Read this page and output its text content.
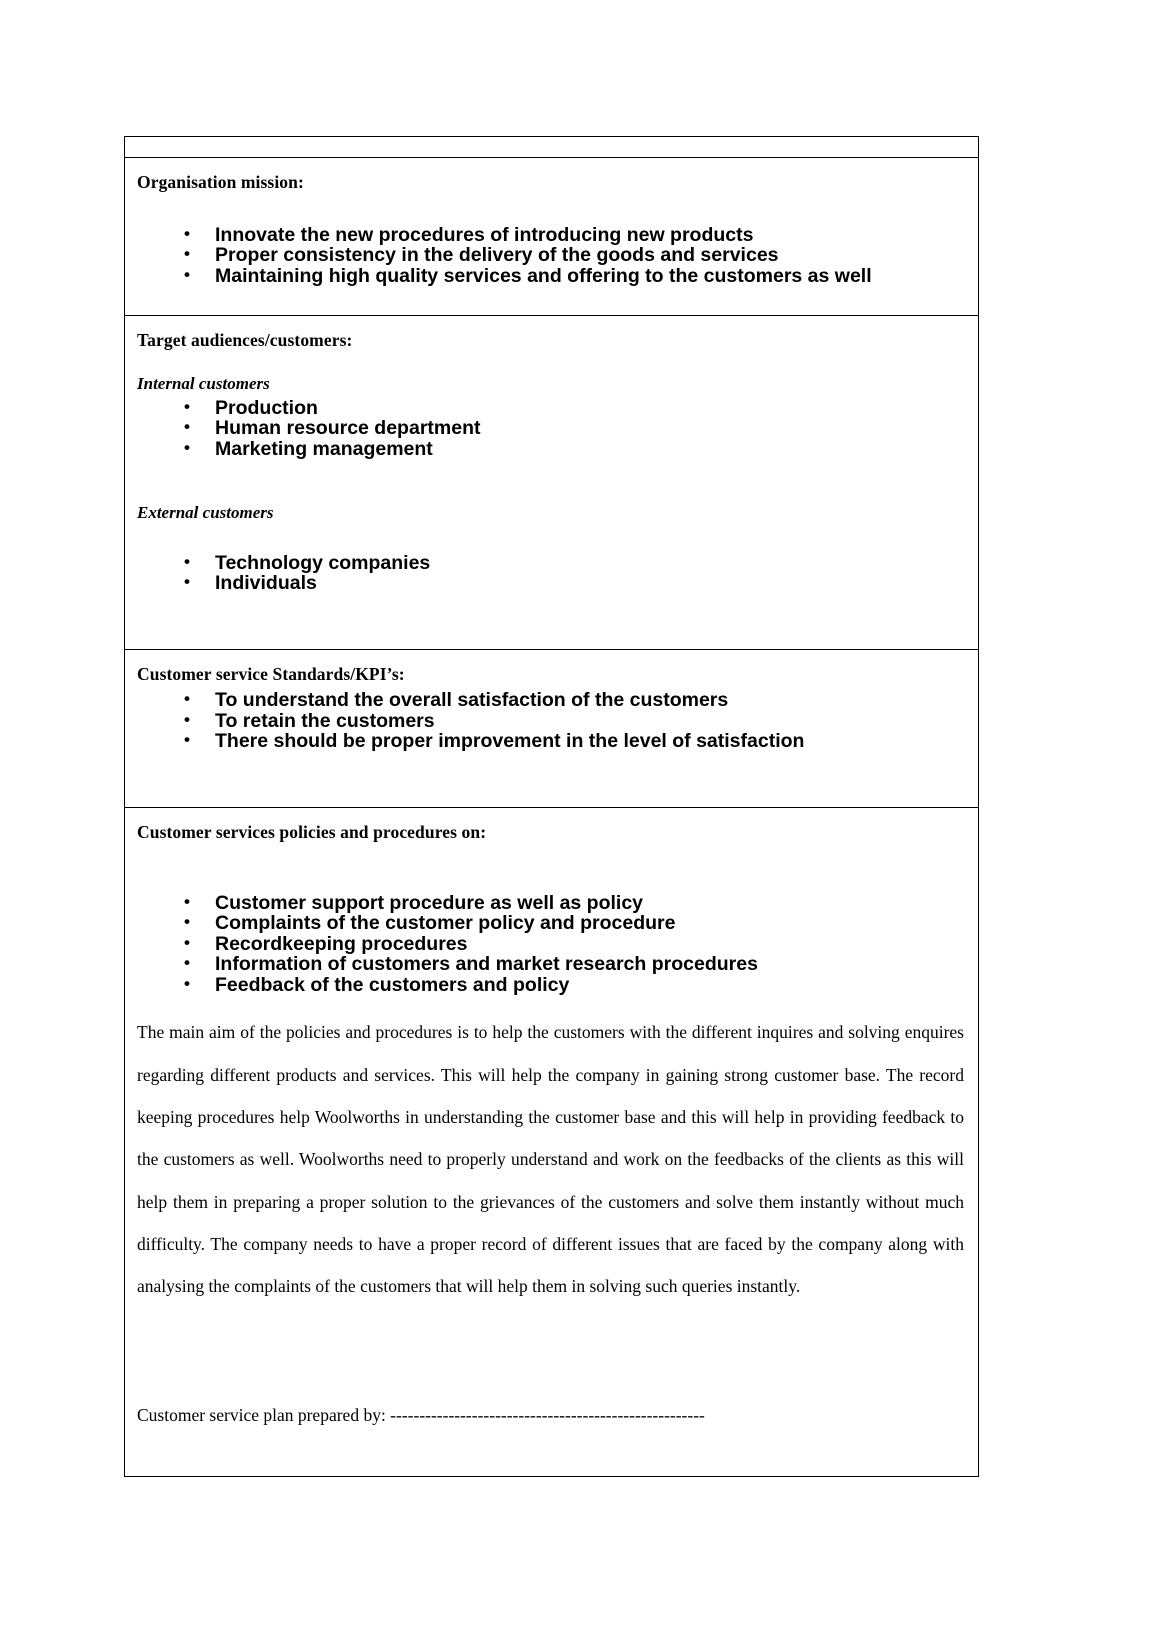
Organisation mission:

• Innovate the new procedures of introducing new products
• Proper consistency in the delivery of the goods and services
• Maintaining high quality services and offering to the customers as well

Target audiences/customers:

Internal customers

• Production
• Human resource department
• Marketing management

External customers

• Technology companies
• Individuals

Customer service Standards/KPI’s:

• To understand the overall satisfaction of the customers
• To retain the customers
• There should be proper improvement in the level of satisfaction

Customer services policies and procedures on:

• Customer support procedure as well as policy
• Complaints of the customer policy and procedure
• Recordkeeping procedures
• Information of customers and market research procedures
• Feedback of the customers and policy

The main aim of the policies and procedures is to help the customers with the different inquires and solving enquires regarding different products and services. This will help the company in gaining strong customer base. The record keeping procedures help Woolworths in understanding the customer base and this will help in providing feedback to the customers as well. Woolworths need to properly understand and work on the feedbacks of the clients as this will help them in preparing a proper solution to the grievances of the customers and solve them instantly without much difficulty. The company needs to have a proper record of different issues that are faced by the company along with analysing the complaints of the customers that will help them in solving such queries instantly.

Customer service plan prepared by: ------------------------------------------------------
